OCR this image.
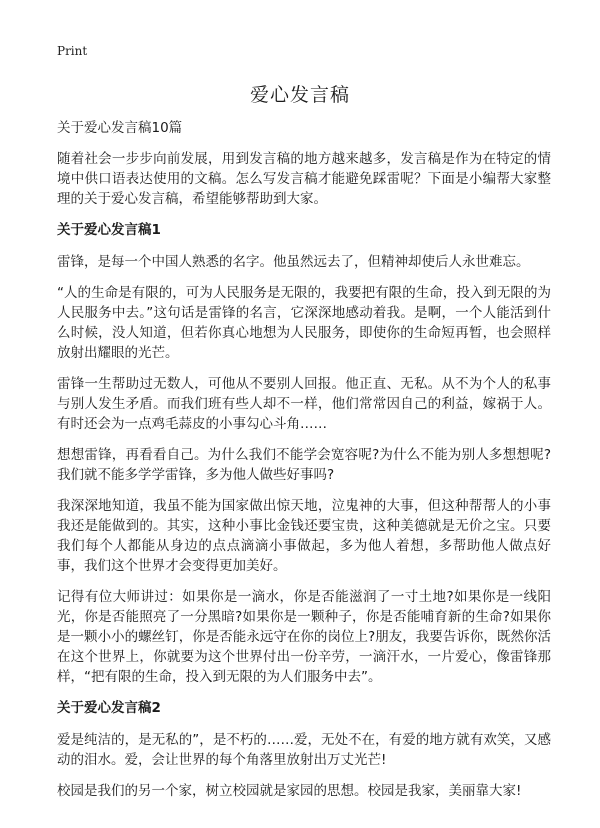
Print
爱心发言稿

关于爱心发言稿10篇

随着社会一步步向前发展，用到发言稿的地方越来越多，发言稿是作为在特定的情境中供口语表达使用的文稿。怎么写发言稿才能避免踩雷呢？下面是小编帮大家整理的关于爱心发言稿，希望能够帮助到大家。

关于爱心发言稿1

雷锋，是每一个中国人熟悉的名字。他虽然远去了，但精神却使后人永世难忘。

“人的生命是有限的，可为人民服务是无限的，我要把有限的生命，投入到无限的为人民服务中去。”这句话是雷锋的名言，它深深地感动着我。是啊，一个人能活到什么时候，没人知道，但若你真心地想为人民服务，即使你的生命短再暂，也会照样放射出耀眼的光芒。

雷锋一生帮助过无数人，可他从不要别人回报。他正直、无私。从不为个人的私事与别人发生矛盾。而我们班有些人却不一样，他们常常因自己的利益，嫁祸于人。有时还会为一点鸡毛蒜皮的小事勾心斗角……

想想雷锋，再看看自己。为什么我们不能学会宽容呢?为什么不能为别人多想想呢?我们就不能多学学雷锋，多为他人做些好事吗?

我深深地知道，我虽不能为国家做出惊天地，泣鬼神的大事，但这种帮帮人的小事我还是能做到的。其实，这种小事比金钱还要宝贵，这种美德就是无价之宝。只要我们每个人都能从身边的点点滴滴小事做起，多为他人着想，多帮助他人做点好事，我们这个世界才会变得更加美好。

记得有位大师讲过：如果你是一滴水，你是否能滋润了一寸土地?如果你是一线阳光，你是否能照亮了一分黑暗?如果你是一颗种子，你是否能哺育新的生命?如果你是一颗小小的螺丝钉，你是否能永远守在你的岗位上?朋友，我要告诉你，既然你活在这个世界上，你就要为这个世界付出一份辛劳，一滴汗水，一片爱心，像雷锋那样，“把有限的生命，投入到无限的为人们服务中去”。

关于爱心发言稿2

爱是纯洁的，是无私的”，是不朽的……爱，无处不在，有爱的地方就有欢笑，又感动的泪水。爱，会让世界的每个角落里放射出万丈光芒!

校园是我们的另一个家，树立校园就是家园的思想。校园是我家，美丽靠大家!
